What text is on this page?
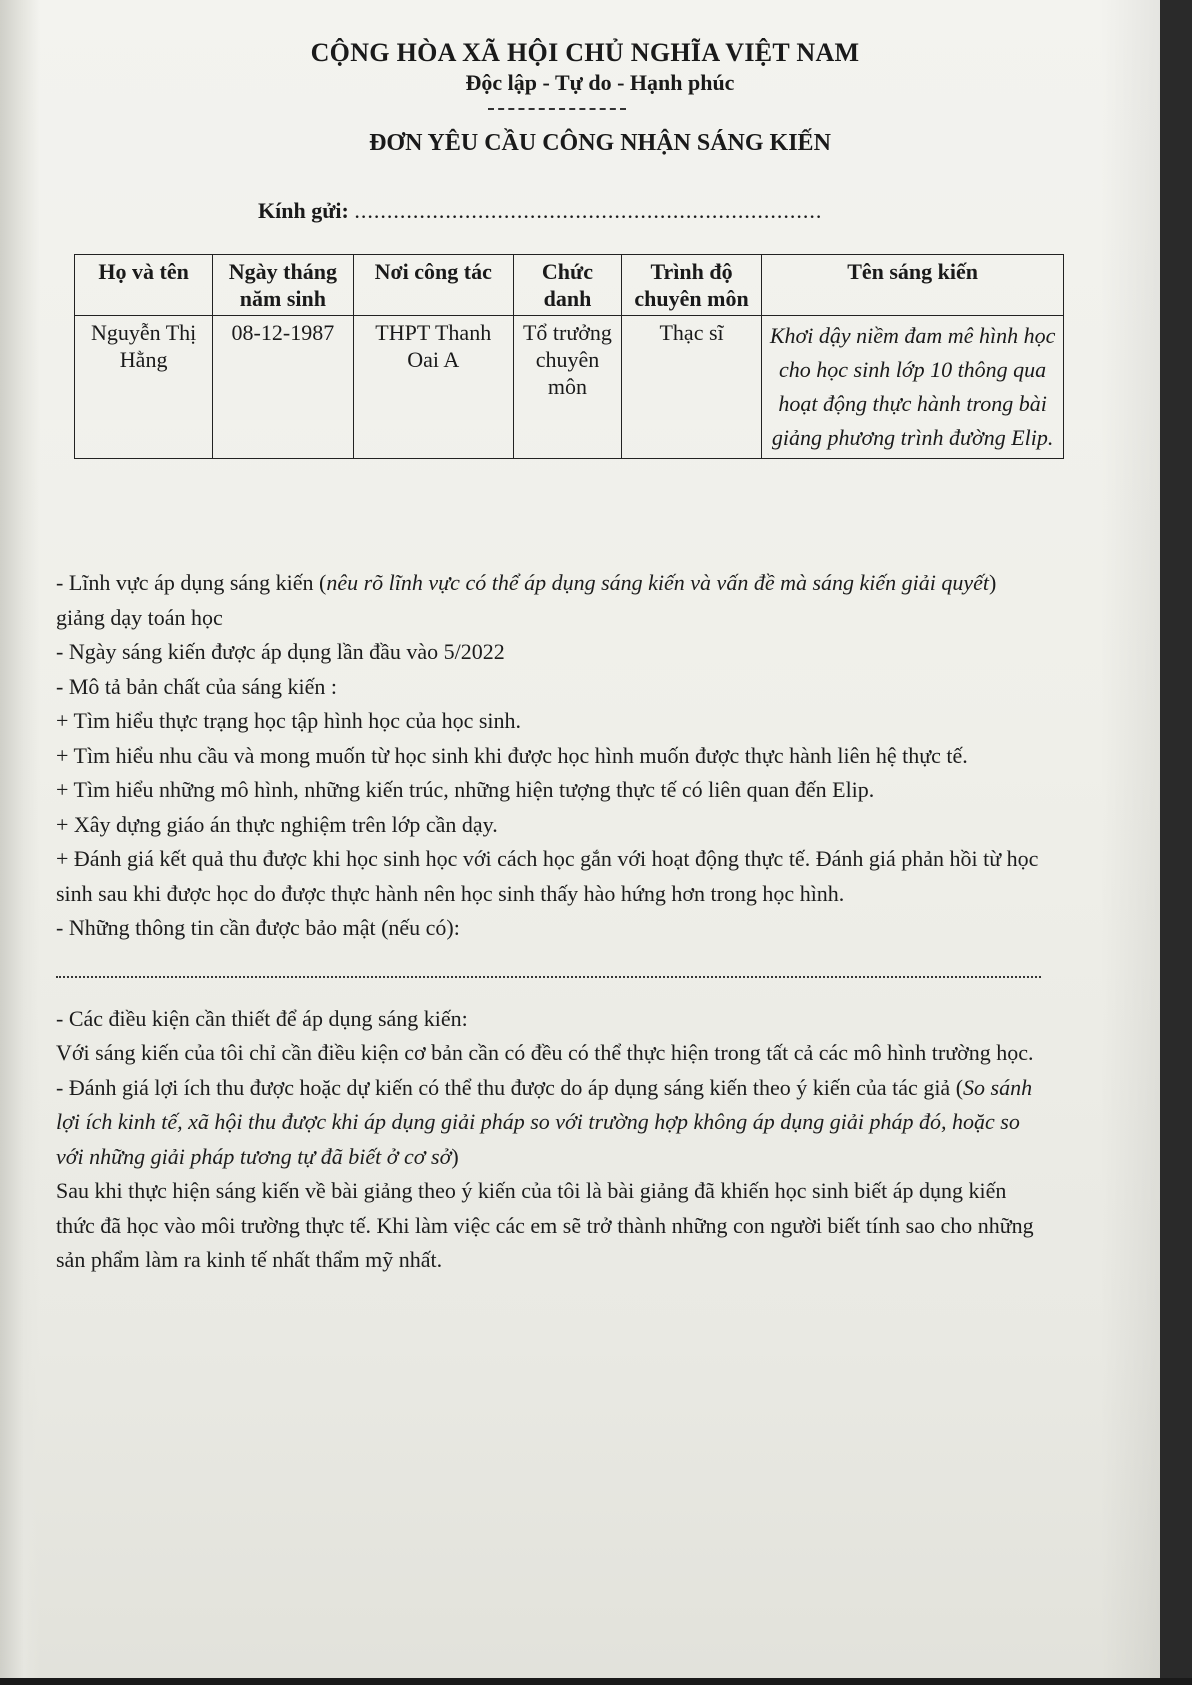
CỘNG HÒA XÃ HỘI CHỦ NGHĨA VIỆT NAM
Độc lập - Tự do - Hạnh phúc
ĐƠN YÊU CẦU CÔNG NHẬN SÁNG KIẾN
Kính gửi: ........................................................................
Họ và tên	Ngày tháng năm sinh	Nơi công tác	Chức danh	Trình độ chuyên môn	Tên sáng kiến
Nguyễn Thị Hằng	08-12-1987	THPT Thanh Oai A	Tổ trưởng chuyên môn	Thạc sĩ	Khơi dậy niềm đam mê hình học cho học sinh lớp 10 thông qua hoạt động thực hành trong bài giảng phương trình đường Elip.

- Lĩnh vực áp dụng sáng kiến (nêu rõ lĩnh vực có thể áp dụng sáng kiến và vấn đề mà sáng kiến giải quyết) giảng dạy toán học

- Ngày sáng kiến được áp dụng lần đầu vào 5/2022

- Mô tả bản chất của sáng kiến :

+ Tìm hiểu thực trạng học tập hình học của học sinh.

+ Tìm hiểu nhu cầu và mong muốn từ học sinh khi được học hình muốn được thực hành liên hệ thực tế.

+ Tìm hiểu những mô hình, những kiến trúc, những hiện tượng thực tế có liên quan đến Elip.

+ Xây dựng giáo án thực nghiệm trên lớp cần dạy.

+ Đánh giá kết quả thu được khi học sinh học với cách học gắn với hoạt động thực tế. Đánh giá phản hồi từ học sinh sau khi được học do được thực hành nên học sinh thấy hào hứng hơn trong học hình.

- Những thông tin cần được bảo mật (nếu có):

- Các điều kiện cần thiết để áp dụng sáng kiến:

Với sáng kiến của tôi chỉ cần điều kiện cơ bản cần có đều có thể thực hiện trong tất cả các mô hình trường học.

- Đánh giá lợi ích thu được hoặc dự kiến có thể thu được do áp dụng sáng kiến theo ý kiến của tác giả (So sánh lợi ích kinh tế, xã hội thu được khi áp dụng giải pháp so với trường hợp không áp dụng giải pháp đó, hoặc so với những giải pháp tương tự đã biết ở cơ sở)

Sau khi thực hiện sáng kiến về bài giảng theo ý kiến của tôi là bài giảng đã khiến học sinh biết áp dụng kiến thức đã học vào môi trường thực tế. Khi làm việc các em sẽ trở thành những con người biết tính sao cho những sản phẩm làm ra kinh tế nhất thẩm mỹ nhất.
